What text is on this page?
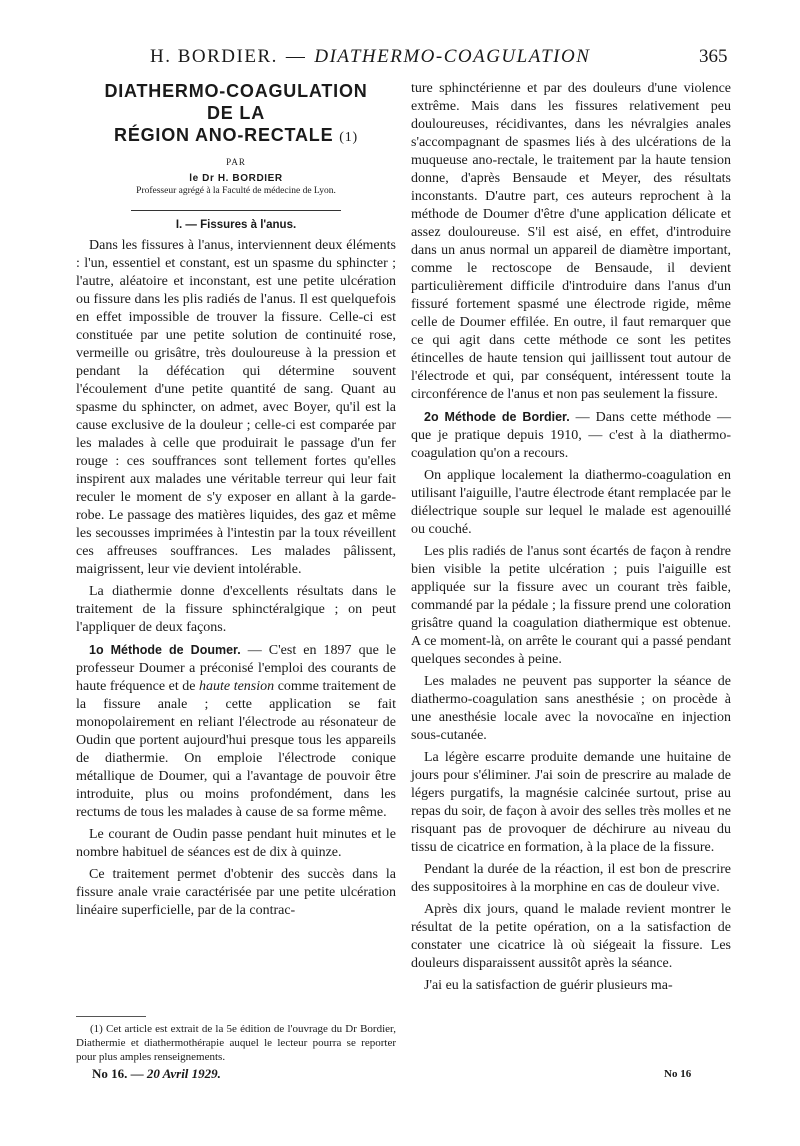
H. BORDIER. — DIATHERMO-COAGULATION	365
DIATHERMO-COAGULATION
DE LA
RÉGION ANO-RECTALE (1)
PAR
le Dr H. BORDIER
Professeur agrégé à la Faculté de médecine de Lyon.
I. — Fissures à l'anus.

Dans les fissures à l'anus, interviennent deux éléments : l'un, essentiel et constant, est un spasme du sphincter ; l'autre, aléatoire et inconstant, est une petite ulcération ou fissure dans les plis radiés de l'anus. Il est quelquefois en effet impossible de trouver la fissure. Celle-ci est constituée par une petite solution de continuité rose, vermeille ou grisâtre, très douloureuse à la pression et pendant la défécation qui détermine souvent l'écoulement d'une petite quantité de sang. Quant au spasme du sphincter, on admet, avec Boyer, qu'il est la cause exclusive de la douleur ; celle-ci est comparée par les malades à celle que produirait le passage d'un fer rouge : ces souffrances sont tellement fortes qu'elles inspirent aux malades une véritable terreur qui leur fait reculer le moment de s'y exposer en allant à la garde-robe. Le passage des matières liquides, des gaz et même les secousses imprimées à l'intestin par la toux réveillent ces affreuses souffrances. Les malades pâlissent, maigrissent, leur vie devient intolérable.

La diathermie donne d'excellents résultats dans le traitement de la fissure sphinctéralgique ; on peut l'appliquer de deux façons.

1o Méthode de Doumer. — C'est en 1897 que le professeur Doumer a préconisé l'emploi des courants de haute fréquence et de haute tension comme traitement de la fissure anale ; cette application se fait monopolairement en reliant l'électrode au résonateur de Oudin que portent aujourd'hui presque tous les appareils de diathermie. On emploie l'électrode conique métallique de Doumer, qui a l'avantage de pouvoir être introduite, plus ou moins profondément, dans les rectums de tous les malades à cause de sa forme même.

Le courant de Oudin passe pendant huit minutes et le nombre habituel de séances est de dix à quinze.

Ce traitement permet d'obtenir des succès dans la fissure anale vraie caractérisée par une petite ulcération linéaire superficielle, par de la contrac-

ture sphinctérienne et par des douleurs d'une violence extrême. Mais dans les fissures relativement peu douloureuses, récidivantes, dans les névralgies anales s'accompagnant de spasmes liés à des ulcérations de la muqueuse ano-rectale, le traitement par la haute tension donne, d'après Bensaude et Meyer, des résultats inconstants. D'autre part, ces auteurs reprochent à la méthode de Doumer d'être d'une application délicate et assez douloureuse. S'il est aisé, en effet, d'introduire dans un anus normal un appareil de diamètre important, comme le rectoscope de Bensaude, il devient particulièrement difficile d'introduire dans l'anus d'un fissuré fortement spasmé une électrode rigide, même celle de Doumer effilée. En outre, il faut remarquer que ce qui agit dans cette méthode ce sont les petites étincelles de haute tension qui jaillissent tout autour de l'électrode et qui, par conséquent, intéressent toute la circonférence de l'anus et non pas seulement la fissure.

2o Méthode de Bordier. — Dans cette méthode — que je pratique depuis 1910, — c'est à la diathermo-coagulation qu'on a recours.

On applique localement la diathermo-coagulation en utilisant l'aiguille, l'autre électrode étant remplacée par le diélectrique souple sur lequel le malade est agenouillé ou couché.

Les plis radiés de l'anus sont écartés de façon à rendre bien visible la petite ulcération ; puis l'aiguille est appliquée sur la fissure avec un courant très faible, commandé par la pédale ; la fissure prend une coloration grisâtre quand la coagulation diathermique est obtenue. A ce moment-là, on arrête le courant qui a passé pendant quelques secondes à peine.

Les malades ne peuvent pas supporter la séance de diathermo-coagulation sans anesthésie ; on procède à une anesthésie locale avec la novocaïne en injection sous-cutanée.

La légère escarre produite demande une huitaine de jours pour s'éliminer. J'ai soin de prescrire au malade de légers purgatifs, la magnésie calcinée surtout, prise au repas du soir, de façon à avoir des selles très molles et ne risquant pas de provoquer de déchirure au niveau du tissu de cicatrice en formation, à la place de la fissure.

Pendant la durée de la réaction, il est bon de prescrire des suppositoires à la morphine en cas de douleur vive.

Après dix jours, quand le malade revient montrer le résultat de la petite opération, on a la satisfaction de constater une cicatrice là où siégeait la fissure. Les douleurs disparaissent aussitôt après la séance.

J'ai eu la satisfaction de guérir plusieurs ma-

(1) Cet article est extrait de la 5e édition de l'ouvrage du Dr Bordier, Diathermie et diathermothérapie auquel le lecteur pourra se reporter pour plus amples renseignements.
No 16. — 20 Avril 1929.	No 16
